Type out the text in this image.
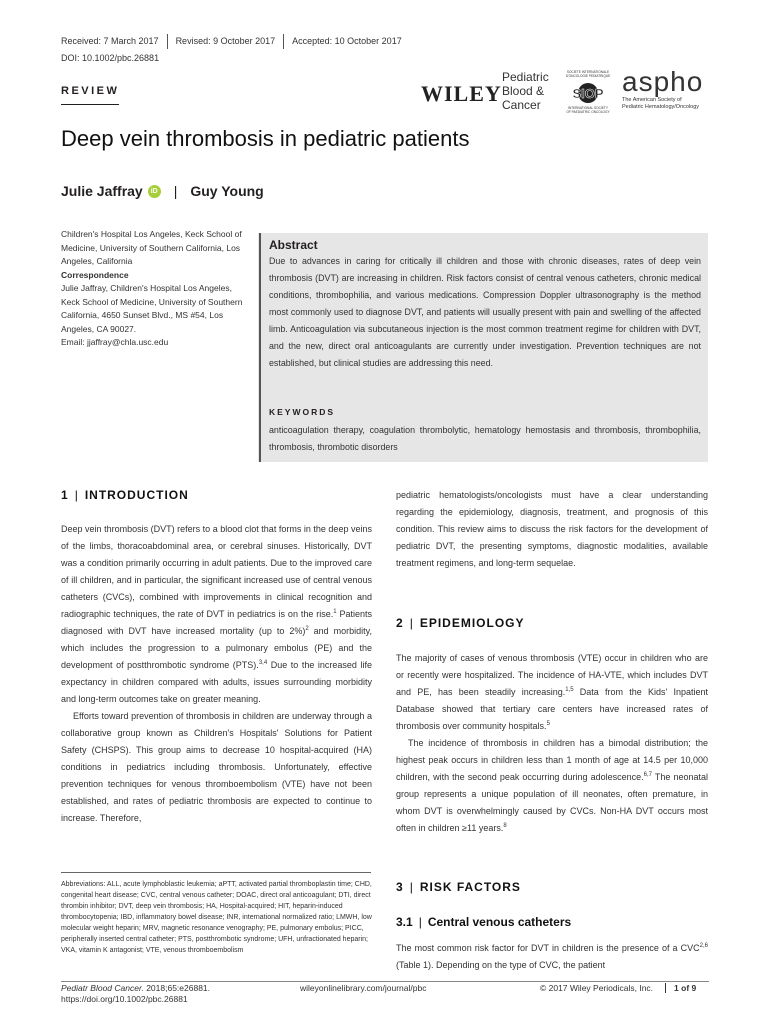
Received: 7 March 2017	Revised: 9 October 2017	Accepted: 10 October 2017
DOI: 10.1002/pbc.26881
REVIEW	WILEY
Pediatric
Blood &
Cancer
SOCIETE INTERNATIONALE
D'ONCOLOGIE PEDIATRIQUE
SIOP
INTERNATIONAL SOCIETY
OF PAEDIATRIC ONCOLOGY
aspho
The American Society of
Pediatric Hematology/Oncology
Deep vein thrombosis in pediatric patients
Julie Jaffray	iD | Guy Young
Children's Hospital Los Angeles, Keck School of Medicine, University of Southern California, Los Angeles, California
Correspondence
Julie Jaffray, Children's Hospital Los Angeles, Keck School of Medicine, University of Southern California, 4650 Sunset Blvd., MS #54, Los Angeles, CA 90027.
Email: jjaffray@chla.usc.edu
Abstract
Due to advances in caring for critically ill children and those with chronic diseases, rates of deep vein thrombosis (DVT) are increasing in children. Risk factors consist of central venous catheters, chronic medical conditions, thrombophilia, and various medications. Compression Doppler ultrasonography is the method most commonly used to diagnose DVT, and patients will usually present with pain and swelling of the affected limb. Anticoagulation via subcutaneous injection is the most common treatment regime for children with DVT, and the new, direct oral anticoagulants are currently under investigation. Prevention techniques are not established, but clinical studies are addressing this need.
KEYWORDS
anticoagulation therapy, coagulation thrombolytic, hematology hemostasis and thrombosis, thrombophilia, thrombosis, thrombotic disorders
1 | INTRODUCTION

Deep vein thrombosis (DVT) refers to a blood clot that forms in the deep veins of the limbs, thoracoabdominal area, or cerebral sinuses. Historically, DVT was a condition primarily occurring in adult patients. Due to the improved care of ill children, and in particular, the significant increased use of central venous catheters (CVCs), combined with improvements in clinical recognition and radiographic techniques, the rate of DVT in pediatrics is on the rise.$^1$ Patients diagnosed with DVT have increased mortality (up to 2%)$^2$ and morbidity, which includes the progression to a pulmonary embolus (PE) and the development of postthrombotic syndrome (PTS).$^{3,4}$ Due to the increased life expectancy in children compared with adults, issues surrounding morbidity and long-term outcomes take on greater meaning.

Efforts toward prevention of thrombosis in children are underway through a collaborative group known as Children's Hospitals' Solutions for Patient Safety (CHSPS). This group aims to decrease 10 hospital-acquired (HA) conditions in pediatrics including thrombosis. Unfortunately, effective prevention techniques for venous thromboembolism (VTE) have not been established, and rates of pediatric thrombosis are expected to continue to increase. Therefore,

Abbreviations: ALL, acute lymphoblastic leukemia; aPTT, activated partial thromboplastin time; CHD, congenital heart disease; CVC, central venous catheter; DOAC, direct oral anticoagulant; DTI, direct thrombin inhibitor; DVT, deep vein thrombosis; HA, Hospital-acquired; HIT, heparin-induced thrombocytopenia; IBD, inflammatory bowel disease; INR, international normalized ratio; LMWH, low molecular weight heparin; MRV, magnetic resonance venography; PE, pulmonary embolus; PICC, peripherally inserted central catheter; PTS, postthrombotic syndrome; UFH, unfractionated heparin; VKA, vitamin K antagonist; VTE, venous thromboembolism

pediatric hematologists/oncologists must have a clear understanding regarding the epidemiology, diagnosis, treatment, and prognosis of this condition. This review aims to discuss the risk factors for the development of pediatric DVT, the presenting symptoms, diagnostic modalities, available treatment regimens, and long-term sequelae.

2 | EPIDEMIOLOGY

The majority of cases of venous thrombosis (VTE) occur in children who are or recently were hospitalized. The incidence of HA-VTE, which includes DVT and PE, has been steadily increasing.$^{1,5}$ Data from the Kids' Inpatient Database showed that tertiary care centers have increased rates of thrombosis over community hospitals.$^5$

The incidence of thrombosis in children has a bimodal distribution; the highest peak occurs in children less than 1 month of age at 14.5 per 10,000 children, with the second peak occurring during adolescence.$^{6,7}$ The neonatal group represents a unique population of ill neonates, often premature, in whom DVT is overwhelmingly caused by CVCs. Non-HA DVT occurs most often in children ≥11 years.$^8$

3 | RISK FACTORS
3.1 | Central venous catheters

The most common risk factor for DVT in children is the presence of a CVC$^{2,6}$ (Table 1). Depending on the type of CVC, the patient

Pediatr Blood Cancer. 2018;65:e26881.
https://doi.org/10.1002/pbc.26881
wileyonlinelibrary.com/journal/pbc	© 2017 Wiley Periodicals, Inc.	1 of 9
